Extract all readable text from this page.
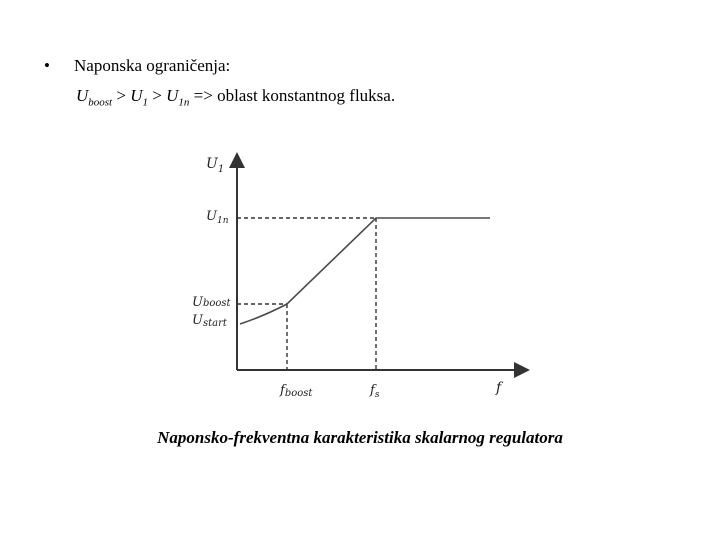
• Naponska ograničenja:
$U_{boost} > U_1 > U_{1n}$ => oblast konstantnog fluksa.
$U_1$
$U_{1n}$
Uboost
Ustart
fboost	$f_s$	f
Naponsko-frekventna karakteristika skalarnog regulatora
